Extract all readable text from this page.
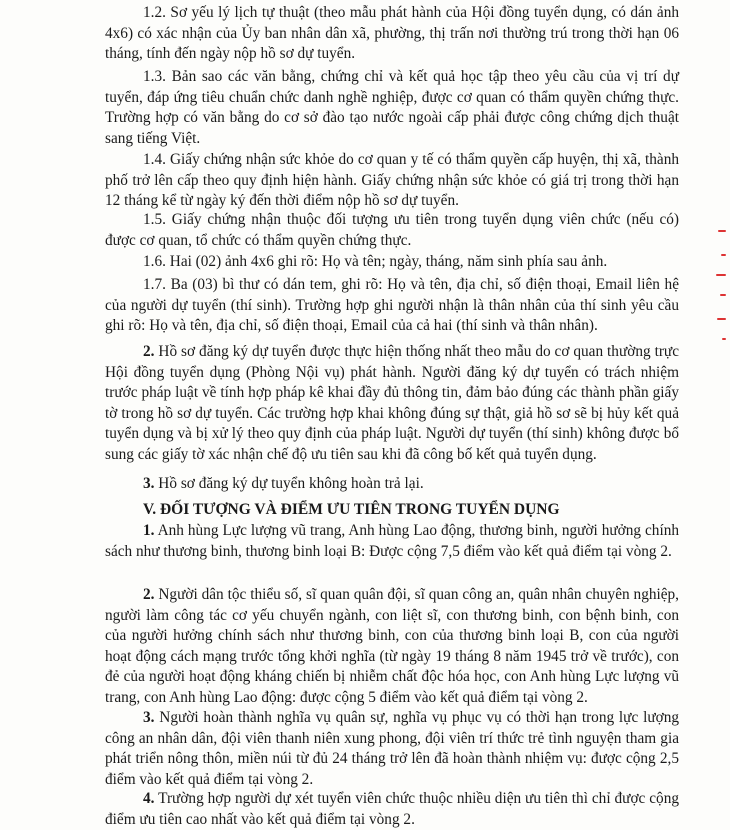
1.2. Sơ yếu lý lịch tự thuật (theo mẫu phát hành của Hội đồng tuyển dụng, có dán ảnh 4x6) có xác nhận của Ủy ban nhân dân xã, phường, thị trấn nơi thường trú trong thời hạn 06 tháng, tính đến ngày nộp hồ sơ dự tuyển.

1.3. Bản sao các văn bằng, chứng chỉ và kết quả học tập theo yêu cầu của vị trí dự tuyển, đáp ứng tiêu chuẩn chức danh nghề nghiệp, được cơ quan có thẩm quyền chứng thực. Trường hợp có văn bằng do cơ sở đào tạo nước ngoài cấp phải được công chứng dịch thuật sang tiếng Việt.

1.4. Giấy chứng nhận sức khỏe do cơ quan y tế có thẩm quyền cấp huyện, thị xã, thành phố trở lên cấp theo quy định hiện hành. Giấy chứng nhận sức khỏe có giá trị trong thời hạn 12 tháng kể từ ngày ký đến thời điểm nộp hồ sơ dự tuyển.

1.5. Giấy chứng nhận thuộc đối tượng ưu tiên trong tuyển dụng viên chức (nếu có) được cơ quan, tổ chức có thẩm quyền chứng thực.

1.6. Hai (02) ảnh 4x6 ghi rõ: Họ và tên; ngày, tháng, năm sinh phía sau ảnh.

1.7. Ba (03) bì thư có dán tem, ghi rõ: Họ và tên, địa chỉ, số điện thoại, Email liên hệ của người dự tuyển (thí sinh). Trường hợp ghi người nhận là thân nhân của thí sinh yêu cầu ghi rõ: Họ và tên, địa chỉ, số điện thoại, Email của cả hai (thí sinh và thân nhân).

2. Hồ sơ đăng ký dự tuyển được thực hiện thống nhất theo mẫu do cơ quan thường trực Hội đồng tuyển dụng (Phòng Nội vụ) phát hành. Người đăng ký dự tuyển có trách nhiệm trước pháp luật về tính hợp pháp kê khai đầy đủ thông tin, đảm bảo đúng các thành phần giấy tờ trong hồ sơ dự tuyển. Các trường hợp khai không đúng sự thật, giả hồ sơ sẽ bị hủy kết quả tuyển dụng và bị xử lý theo quy định của pháp luật. Người dự tuyển (thí sinh) không được bổ sung các giấy tờ xác nhận chế độ ưu tiên sau khi đã công bố kết quả tuyển dụng.

3. Hồ sơ đăng ký dự tuyển không hoàn trả lại.

V. ĐỐI TƯỢNG VÀ ĐIỂM ƯU TIÊN TRONG TUYỂN DỤNG

1. Anh hùng Lực lượng vũ trang, Anh hùng Lao động, thương binh, người hưởng chính sách như thương binh, thương binh loại B: Được cộng 7,5 điểm vào kết quả điểm tại vòng 2.

2. Người dân tộc thiểu số, sĩ quan quân đội, sĩ quan công an, quân nhân chuyên nghiệp, người làm công tác cơ yếu chuyển ngành, con liệt sĩ, con thương binh, con bệnh binh, con của người hưởng chính sách như thương binh, con của thương binh loại B, con của người hoạt động cách mạng trước tổng khởi nghĩa (từ ngày 19 tháng 8 năm 1945 trở về trước), con đẻ của người hoạt động kháng chiến bị nhiễm chất độc hóa học, con Anh hùng Lực lượng vũ trang, con Anh hùng Lao động: được cộng 5 điểm vào kết quả điểm tại vòng 2.

3. Người hoàn thành nghĩa vụ quân sự, nghĩa vụ phục vụ có thời hạn trong lực lượng công an nhân dân, đội viên thanh niên xung phong, đội viên trí thức trẻ tình nguyện tham gia phát triển nông thôn, miền núi từ đủ 24 tháng trở lên đã hoàn thành nhiệm vụ: được cộng 2,5 điểm vào kết quả điểm tại vòng 2.

4. Trường hợp người dự xét tuyển viên chức thuộc nhiều diện ưu tiên thì chỉ được cộng điểm ưu tiên cao nhất vào kết quả điểm tại vòng 2.
